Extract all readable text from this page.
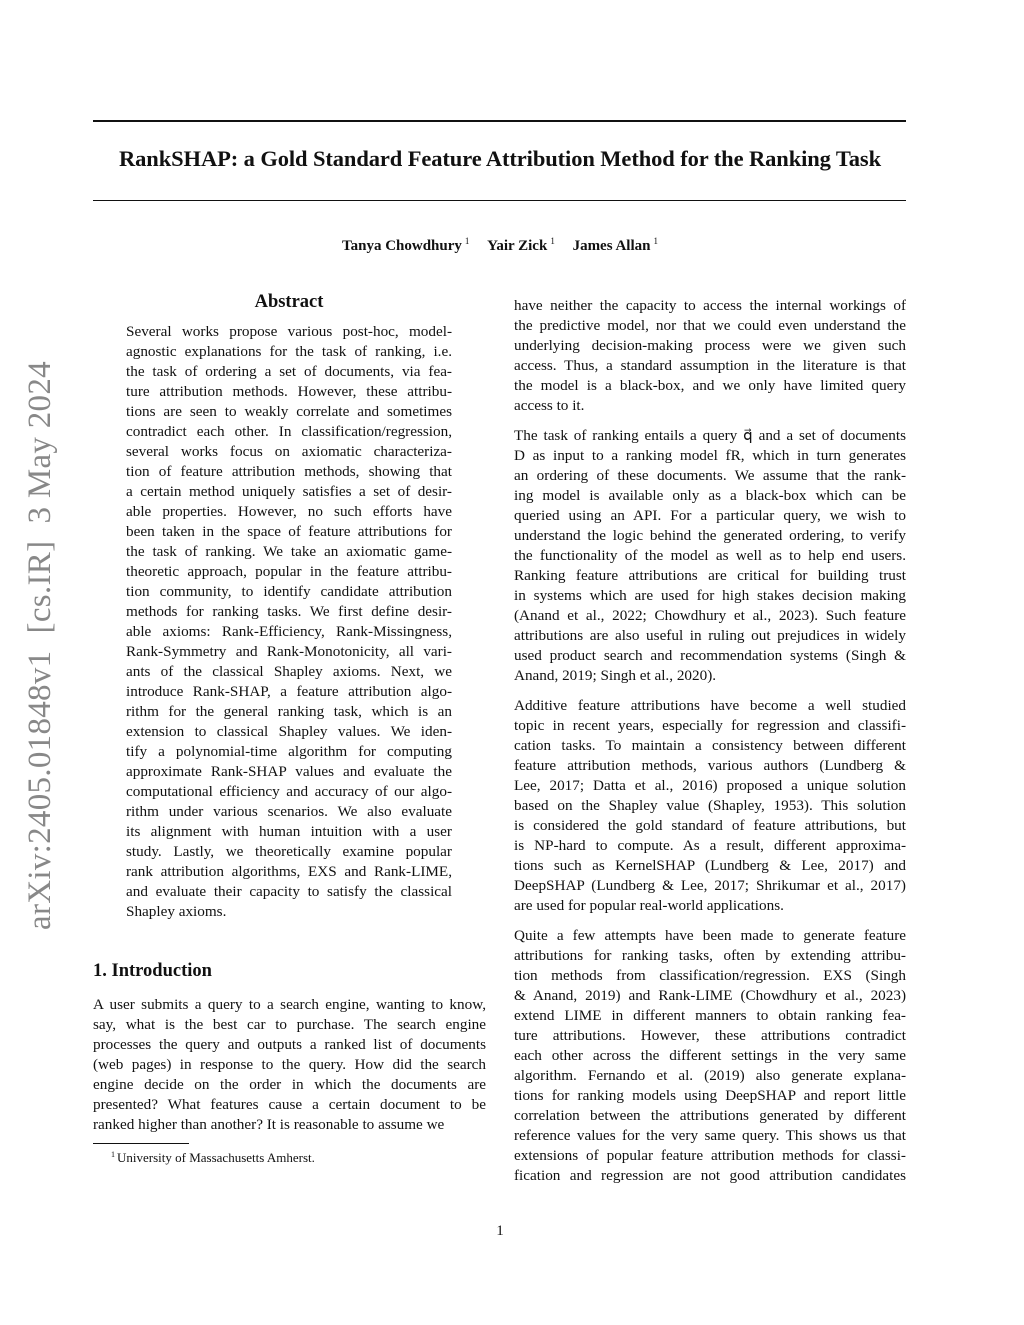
RankSHAP: a Gold Standard Feature Attribution Method for the Ranking Task
Tanya Chowdhury $^1$ Yair Zick $^1$ James Allan $^1$
arXiv:2405.01848v1  [cs.IR]  3 May 2024
Abstract
Several works propose various post-hoc, model-
agnostic explanations for the task of ranking, i.e.
the task of ordering a set of documents, via fea-
ture attribution methods. However, these attribu-
tions are seen to weakly correlate and sometimes
contradict each other. In classification/regression,
several works focus on axiomatic characteriza-
tion of feature attribution methods, showing that
a certain method uniquely satisfies a set of desir-
able properties. However, no such efforts have
been taken in the space of feature attributions for
the task of ranking. We take an axiomatic game-
theoretic approach, popular in the feature attribu-
tion community, to identify candidate attribution
methods for ranking tasks. We first define desir-
able axioms: Rank-Efficiency, Rank-Missingness,
Rank-Symmetry and Rank-Monotonicity, all vari-
ants of the classical Shapley axioms. Next, we
introduce Rank-SHAP, a feature attribution algo-
rithm for the general ranking task, which is an
extension to classical Shapley values. We iden-
tify a polynomial-time algorithm for computing
approximate Rank-SHAP values and evaluate the
computational efficiency and accuracy of our algo-
rithm under various scenarios. We also evaluate
its alignment with human intuition with a user
study. Lastly, we theoretically examine popular
rank attribution algorithms, EXS and Rank-LIME,
and evaluate their capacity to satisfy the classical
Shapley axioms.
1. Introduction
A user submits a query to a search engine, wanting to know,
say, what is the best car to purchase. The search engine
processes the query and outputs a ranked list of documents
(web pages) in response to the query. How did the search
engine decide on the order in which the documents are
presented? What features cause a certain document to be
ranked higher than another? It is reasonable to assume we
$^1$ University of Massachusetts Amherst.
have neither the capacity to access the internal workings of
the predictive model, nor that we could even understand the
underlying decision-making process were we given such
access. Thus, a standard assumption in the literature is that
the model is a black-box, and we only have limited query
access to it.
The task of ranking entails a query q⃗ and a set of documents
D as input to a ranking model fR, which in turn generates
an ordering of these documents. We assume that the rank-
ing model is available only as a black-box which can be
queried using an API. For a particular query, we wish to
understand the logic behind the generated ordering, to verify
the functionality of the model as well as to help end users.
Ranking feature attributions are critical for building trust
in systems which are used for high stakes decision making
(Anand et al., 2022; Chowdhury et al., 2023). Such feature
attributions are also useful in ruling out prejudices in widely
used product search and recommendation systems (Singh &
Anand, 2019; Singh et al., 2020).
Additive feature attributions have become a well studied
topic in recent years, especially for regression and classifi-
cation tasks. To maintain a consistency between different
feature attribution methods, various authors (Lundberg &
Lee, 2017; Datta et al., 2016) proposed a unique solution
based on the Shapley value (Shapley, 1953). This solution
is considered the gold standard of feature attributions, but
is NP-hard to compute. As a result, different approxima-
tions such as KernelSHAP (Lundberg & Lee, 2017) and
DeepSHAP (Lundberg & Lee, 2017; Shrikumar et al., 2017)
are used for popular real-world applications.
Quite a few attempts have been made to generate feature
attributions for ranking tasks, often by extending attribu-
tion methods from classification/regression. EXS (Singh
& Anand, 2019) and Rank-LIME (Chowdhury et al., 2023)
extend LIME in different manners to obtain ranking fea-
ture attributions. However, these attributions contradict
each other across the different settings in the very same
algorithm. Fernando et al. (2019) also generate explana-
tions for ranking models using DeepSHAP and report little
correlation between the attributions generated by different
reference values for the very same query. This shows us that
extensions of popular feature attribution methods for classi-
fication and regression are not good attribution candidates
1
